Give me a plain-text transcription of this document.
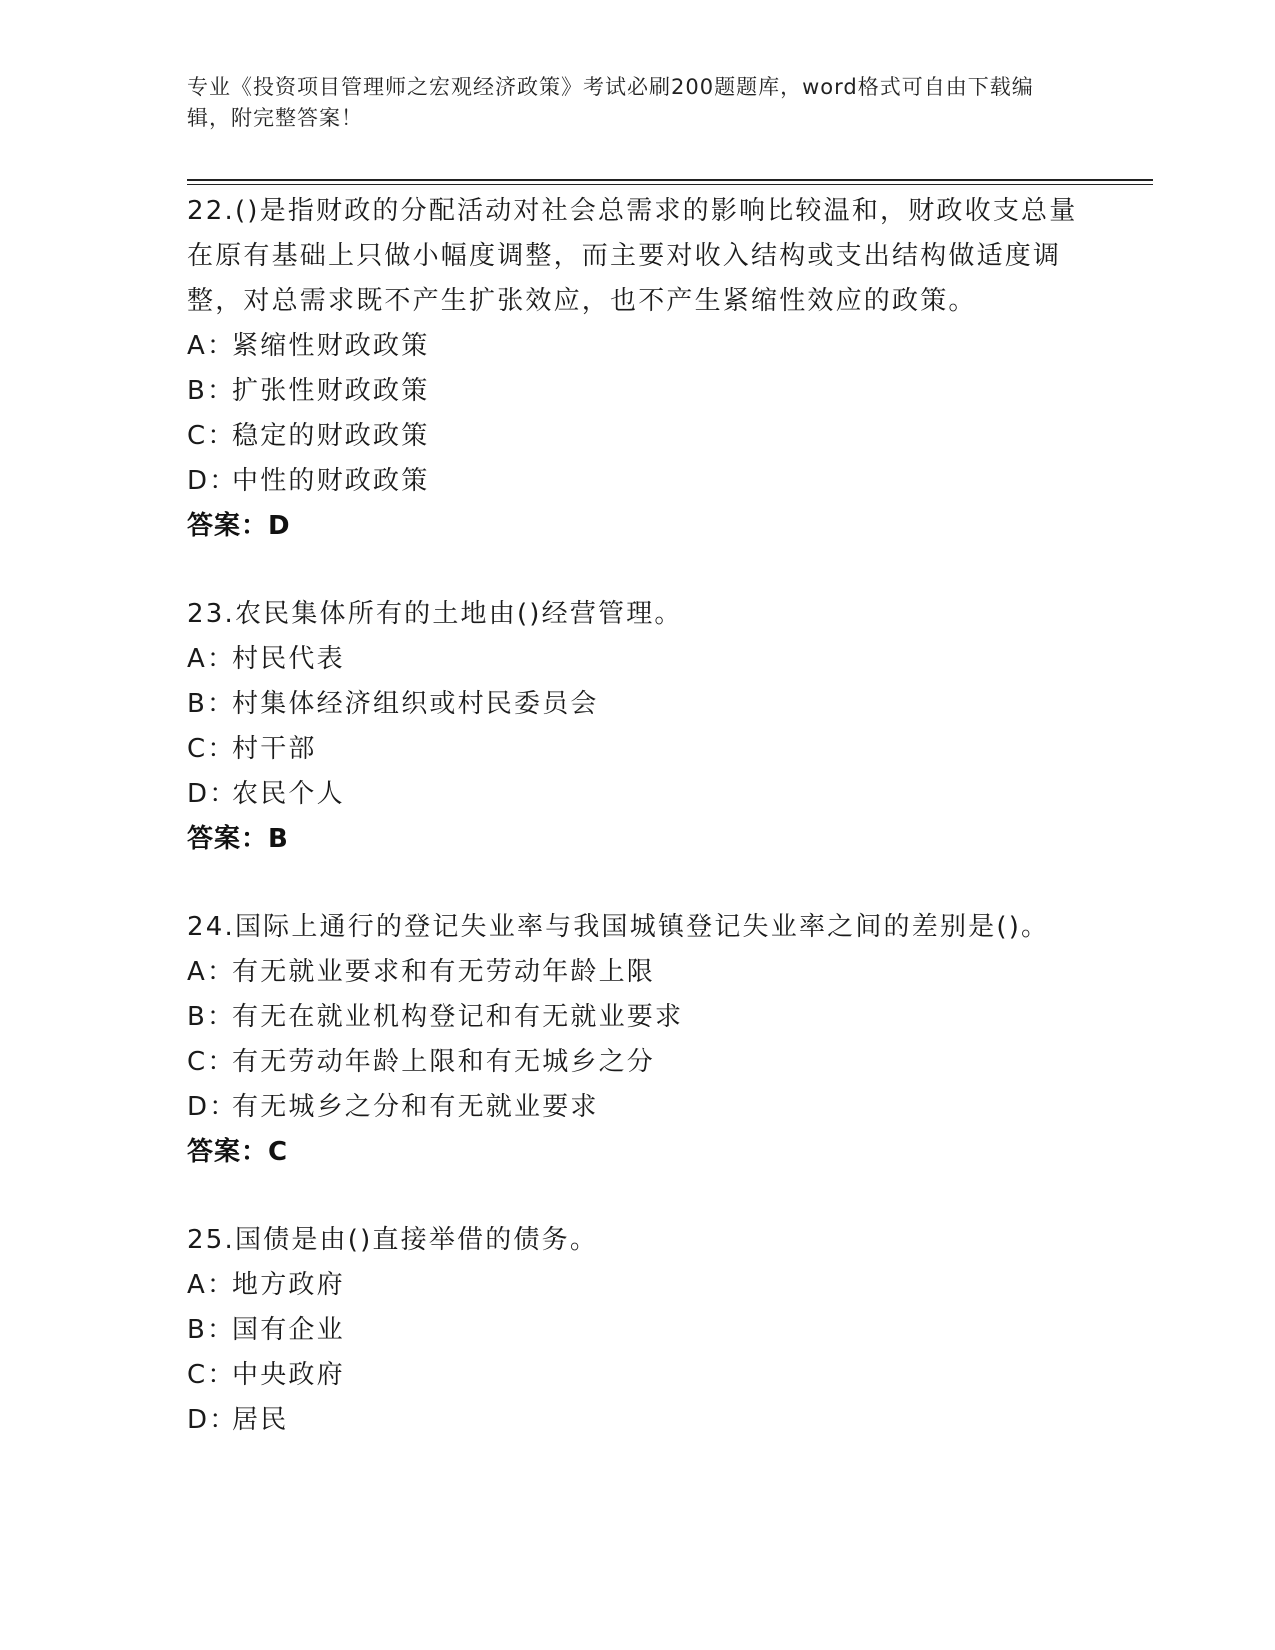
专业《投资项目管理师之宏观经济政策》考试必刷200题题库，word格式可自由下载编辑，附完整答案！
22.()是指财政的分配活动对社会总需求的影响比较温和，财政收支总量在原有基础上只做小幅度调整，而主要对收入结构或支出结构做适度调整，对总需求既不产生扩张效应，也不产生紧缩性效应的政策。
A：紧缩性财政政策
B：扩张性财政政策
C：稳定的财政政策
D：中性的财政政策
答案：D
23.农民集体所有的土地由()经营管理。
A：村民代表
B：村集体经济组织或村民委员会
C：村干部
D：农民个人
答案：B
24.国际上通行的登记失业率与我国城镇登记失业率之间的差别是()。
A：有无就业要求和有无劳动年龄上限
B：有无在就业机构登记和有无就业要求
C：有无劳动年龄上限和有无城乡之分
D：有无城乡之分和有无就业要求
答案：C
25.国债是由()直接举借的债务。
A：地方政府
B：国有企业
C：中央政府
D：居民
